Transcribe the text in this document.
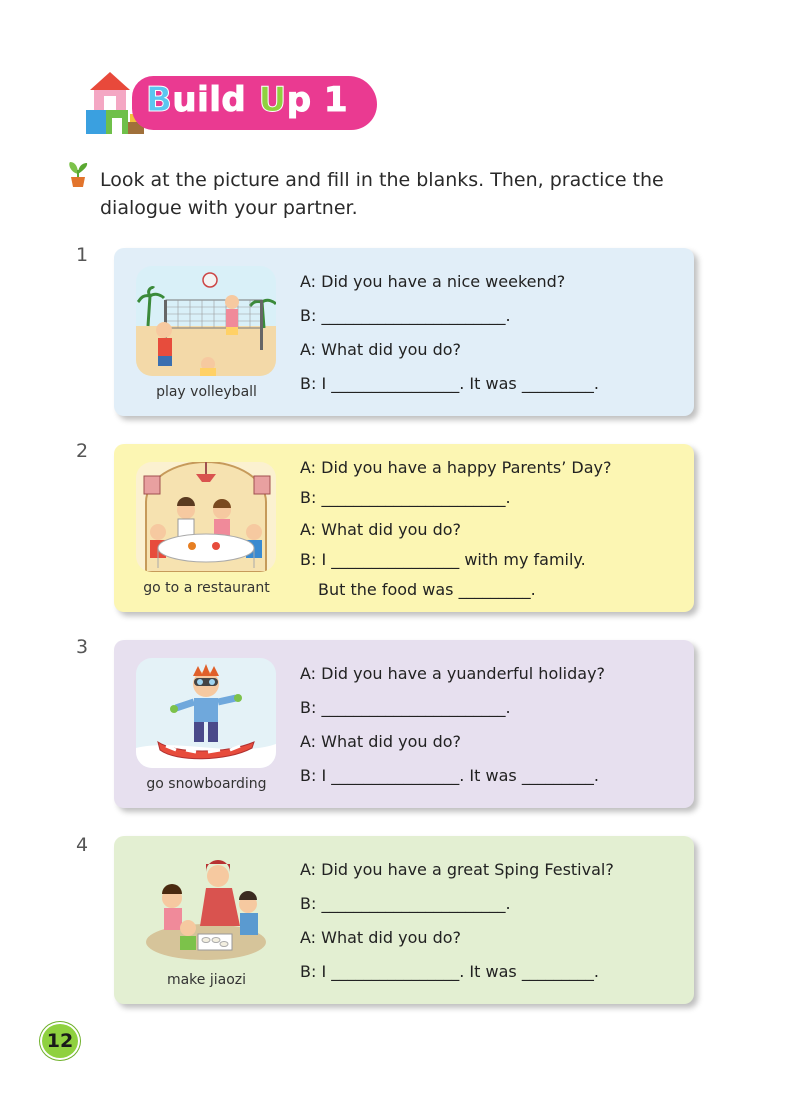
Build Up 1
Look at the picture and fill in the blanks. Then, practice the dialogue with your partner.
1
play volleyball
A: Did you have a nice weekend?
B: _______________________.
A: What did you do?
B: I ________________. It was _________.
2
go to a restaurant
A: Did you have a happy Parents’ Day?
B: _______________________.
A: What did you do?
B: I ________________ with my family.
But the food was _________.
3
go snowboarding
A: Did you have a yuanderful holiday?
B: _______________________.
A: What did you do?
B: I ________________. It was _________.
4
make jiaozi
A: Did you have a great Sping Festival?
B: _______________________.
A: What did you do?
B: I ________________. It was _________.
12
